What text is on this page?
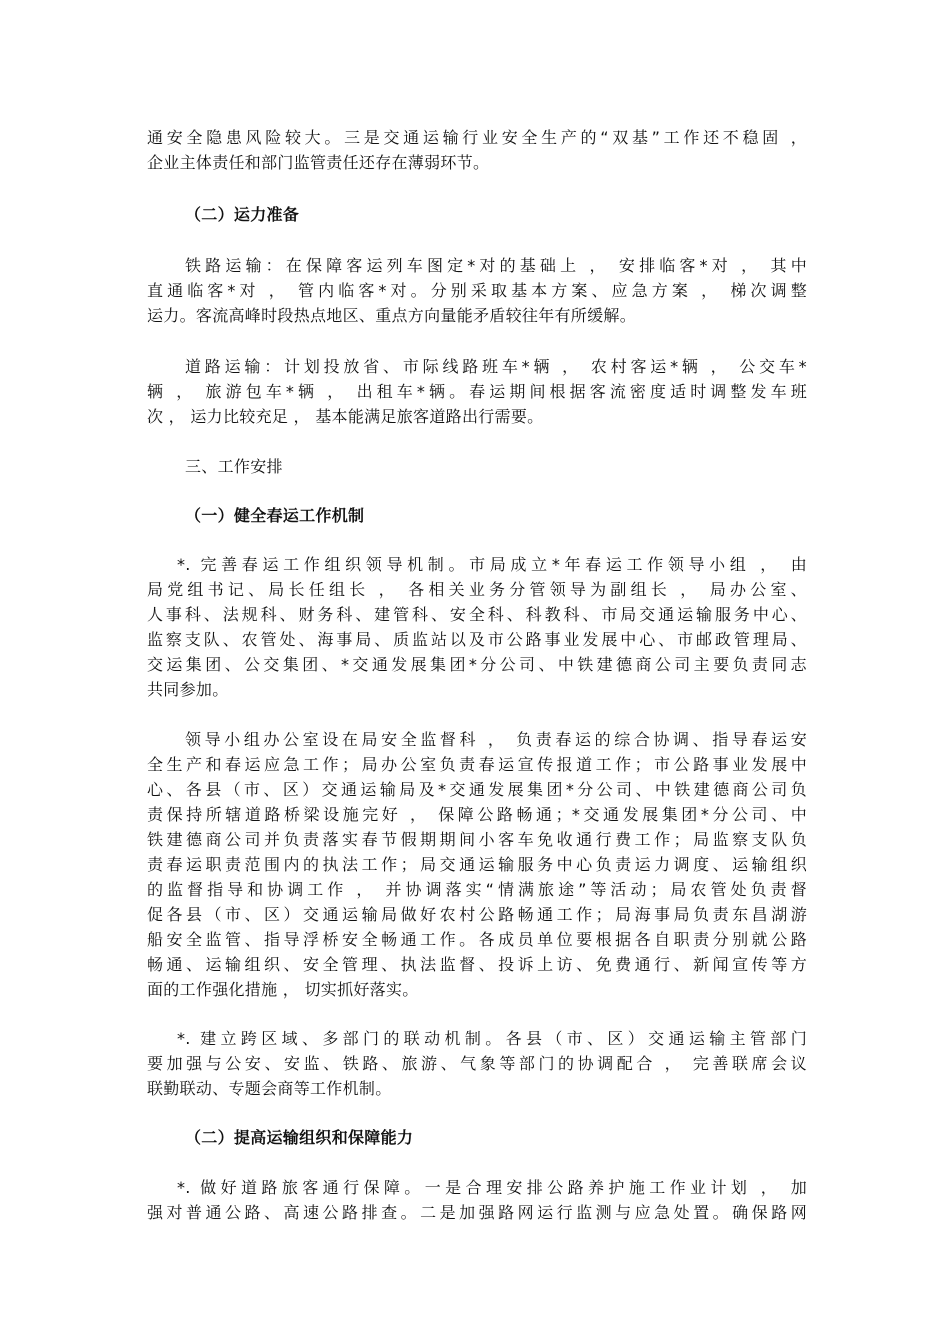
通安全隐患风险较大。三是交通运输行业安全生产的“双基”工作还不稳固 ，
企业主体责任和部门监管责任还存在薄弱环节。
（二）运力准备
铁路运输：在保障客运列车图定*对的基础上 ， 安排临客*对 ， 其中
直通临客*对 ， 管内临客*对。分别采取基本方案、应急方案 ， 梯次调整
运力。客流高峰时段热点地区、重点方向量能矛盾较往年有所缓解。
道路运输：计划投放省、市际线路班车*辆 ， 农村客运*辆 ， 公交车*
辆 ， 旅游包车*辆 ， 出租车*辆。春运期间根据客流密度适时调整发车班
次 ， 运力比较充足 ， 基本能满足旅客道路出行需要。
三、工作安排
（一）健全春运工作机制
*. 完善春运工作组织领导机制。市局成立*年春运工作领导小组 ， 由
局党组书记、局长任组长 ， 各相关业务分管领导为副组长 ， 局办公室、
人事科、法规科、财务科、建管科、安全科、科教科、市局交通运输服务中心、
监察支队、农管处、海事局、质监站以及市公路事业发展中心、市邮政管理局、
交运集团、公交集团、*交通发展集团*分公司、中铁建德商公司主要负责同志
共同参加。
领导小组办公室设在局安全监督科 ， 负责春运的综合协调、指导春运安
全生产和春运应急工作；局办公室负责春运宣传报道工作；市公路事业发展中
心、各县（市、区）交通运输局及*交通发展集团*分公司、中铁建德商公司负
责保持所辖道路桥梁设施完好 ， 保障公路畅通；*交通发展集团*分公司、中
铁建德商公司并负责落实春节假期期间小客车免收通行费工作；局监察支队负
责春运职责范围内的执法工作；局交通运输服务中心负责运力调度、运输组织
的监督指导和协调工作 ， 并协调落实“情满旅途”等活动；局农管处负责督
促各县（市、区）交通运输局做好农村公路畅通工作；局海事局负责东昌湖游
船安全监管、指导浮桥安全畅通工作。各成员单位要根据各自职责分别就公路
畅通、运输组织、安全管理、执法监督、投诉上访、免费通行、新闻宣传等方
面的工作强化措施 ， 切实抓好落实。
*. 建立跨区域、多部门的联动机制。各县（市、区）交通运输主管部门
要加强与公安、安监、铁路、旅游、气象等部门的协调配合 ， 完善联席会议
联勤联动、专题会商等工作机制。
（二）提高运输组织和保障能力
*. 做好道路旅客通行保障。一是合理安排公路养护施工作业计划 ， 加
强对普通公路、高速公路排查。二是加强路网运行监测与应急处置。确保路网
